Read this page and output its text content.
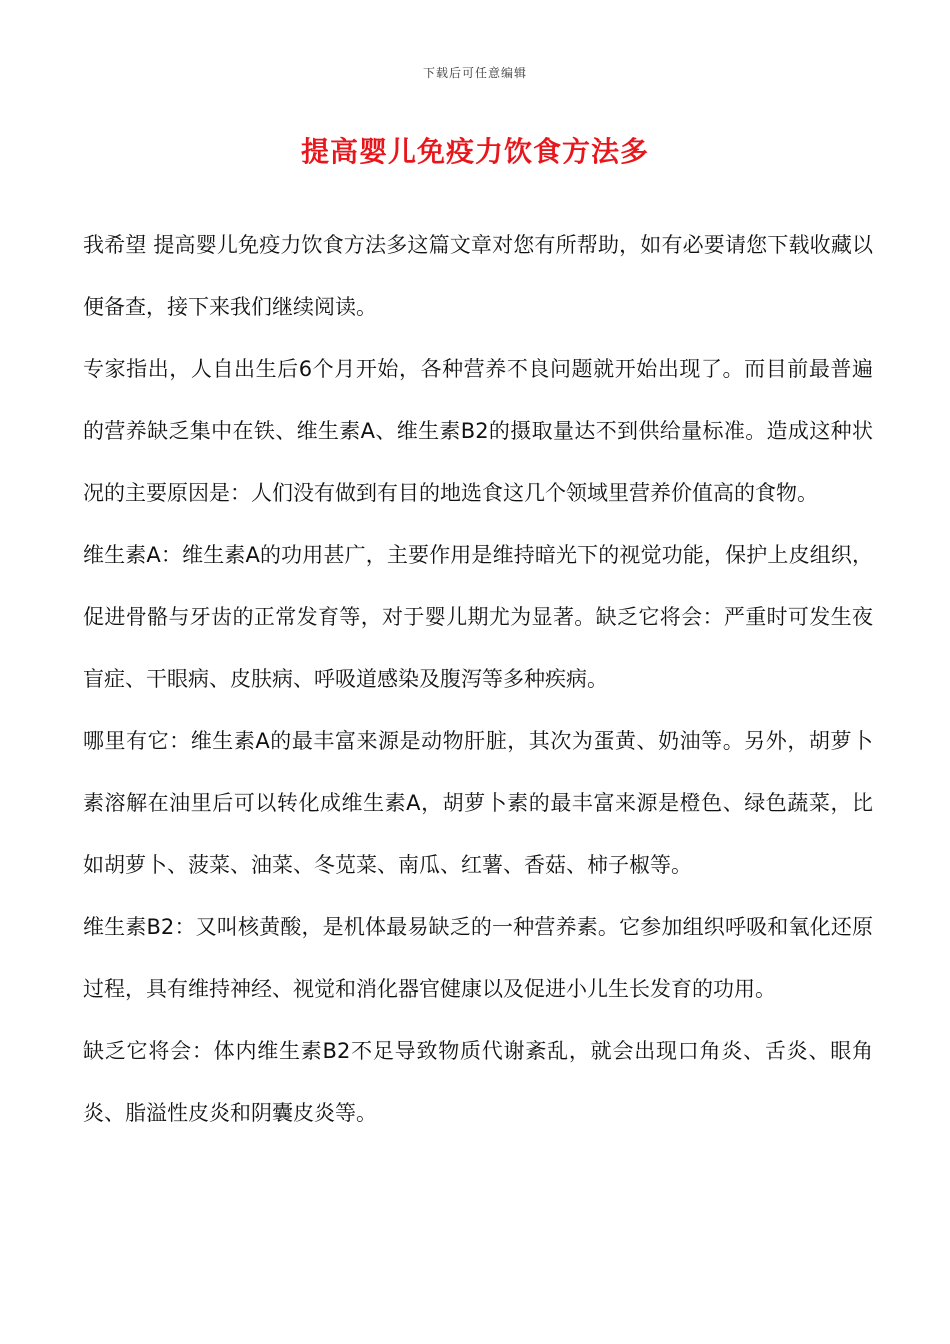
下载后可任意编辑
提高婴儿免疫力饮食方法多

我希望 提高婴儿免疫力饮食方法多这篇文章对您有所帮助，如有必要请您下载收藏以便备查，接下来我们继续阅读。

专家指出，人自出生后6个月开始，各种营养不良问题就开始出现了。而目前最普遍的营养缺乏集中在铁、维生素A、维生素B2的摄取量达不到供给量标准。造成这种状况的主要原因是：人们没有做到有目的地选食这几个领域里营养价值高的食物。

维生素A：维生素A的功用甚广，主要作用是维持暗光下的视觉功能，保护上皮组织，促进骨骼与牙齿的正常发育等，对于婴儿期尤为显著。缺乏它将会：严重时可发生夜盲症、干眼病、皮肤病、呼吸道感染及腹泻等多种疾病。

哪里有它：维生素A的最丰富来源是动物肝脏，其次为蛋黄、奶油等。另外，胡萝卜素溶解在油里后可以转化成维生素A，胡萝卜素的最丰富来源是橙色、绿色蔬菜，比如胡萝卜、菠菜、油菜、冬苋菜、南瓜、红薯、香菇、柿子椒等。

维生素B2：又叫核黄酸，是机体最易缺乏的一种营养素。它参加组织呼吸和氧化还原过程，具有维持神经、视觉和消化器官健康以及促进小儿生长发育的功用。

缺乏它将会：体内维生素B2不足导致物质代谢紊乱，就会出现口角炎、舌炎、眼角炎、脂溢性皮炎和阴囊皮炎等。
